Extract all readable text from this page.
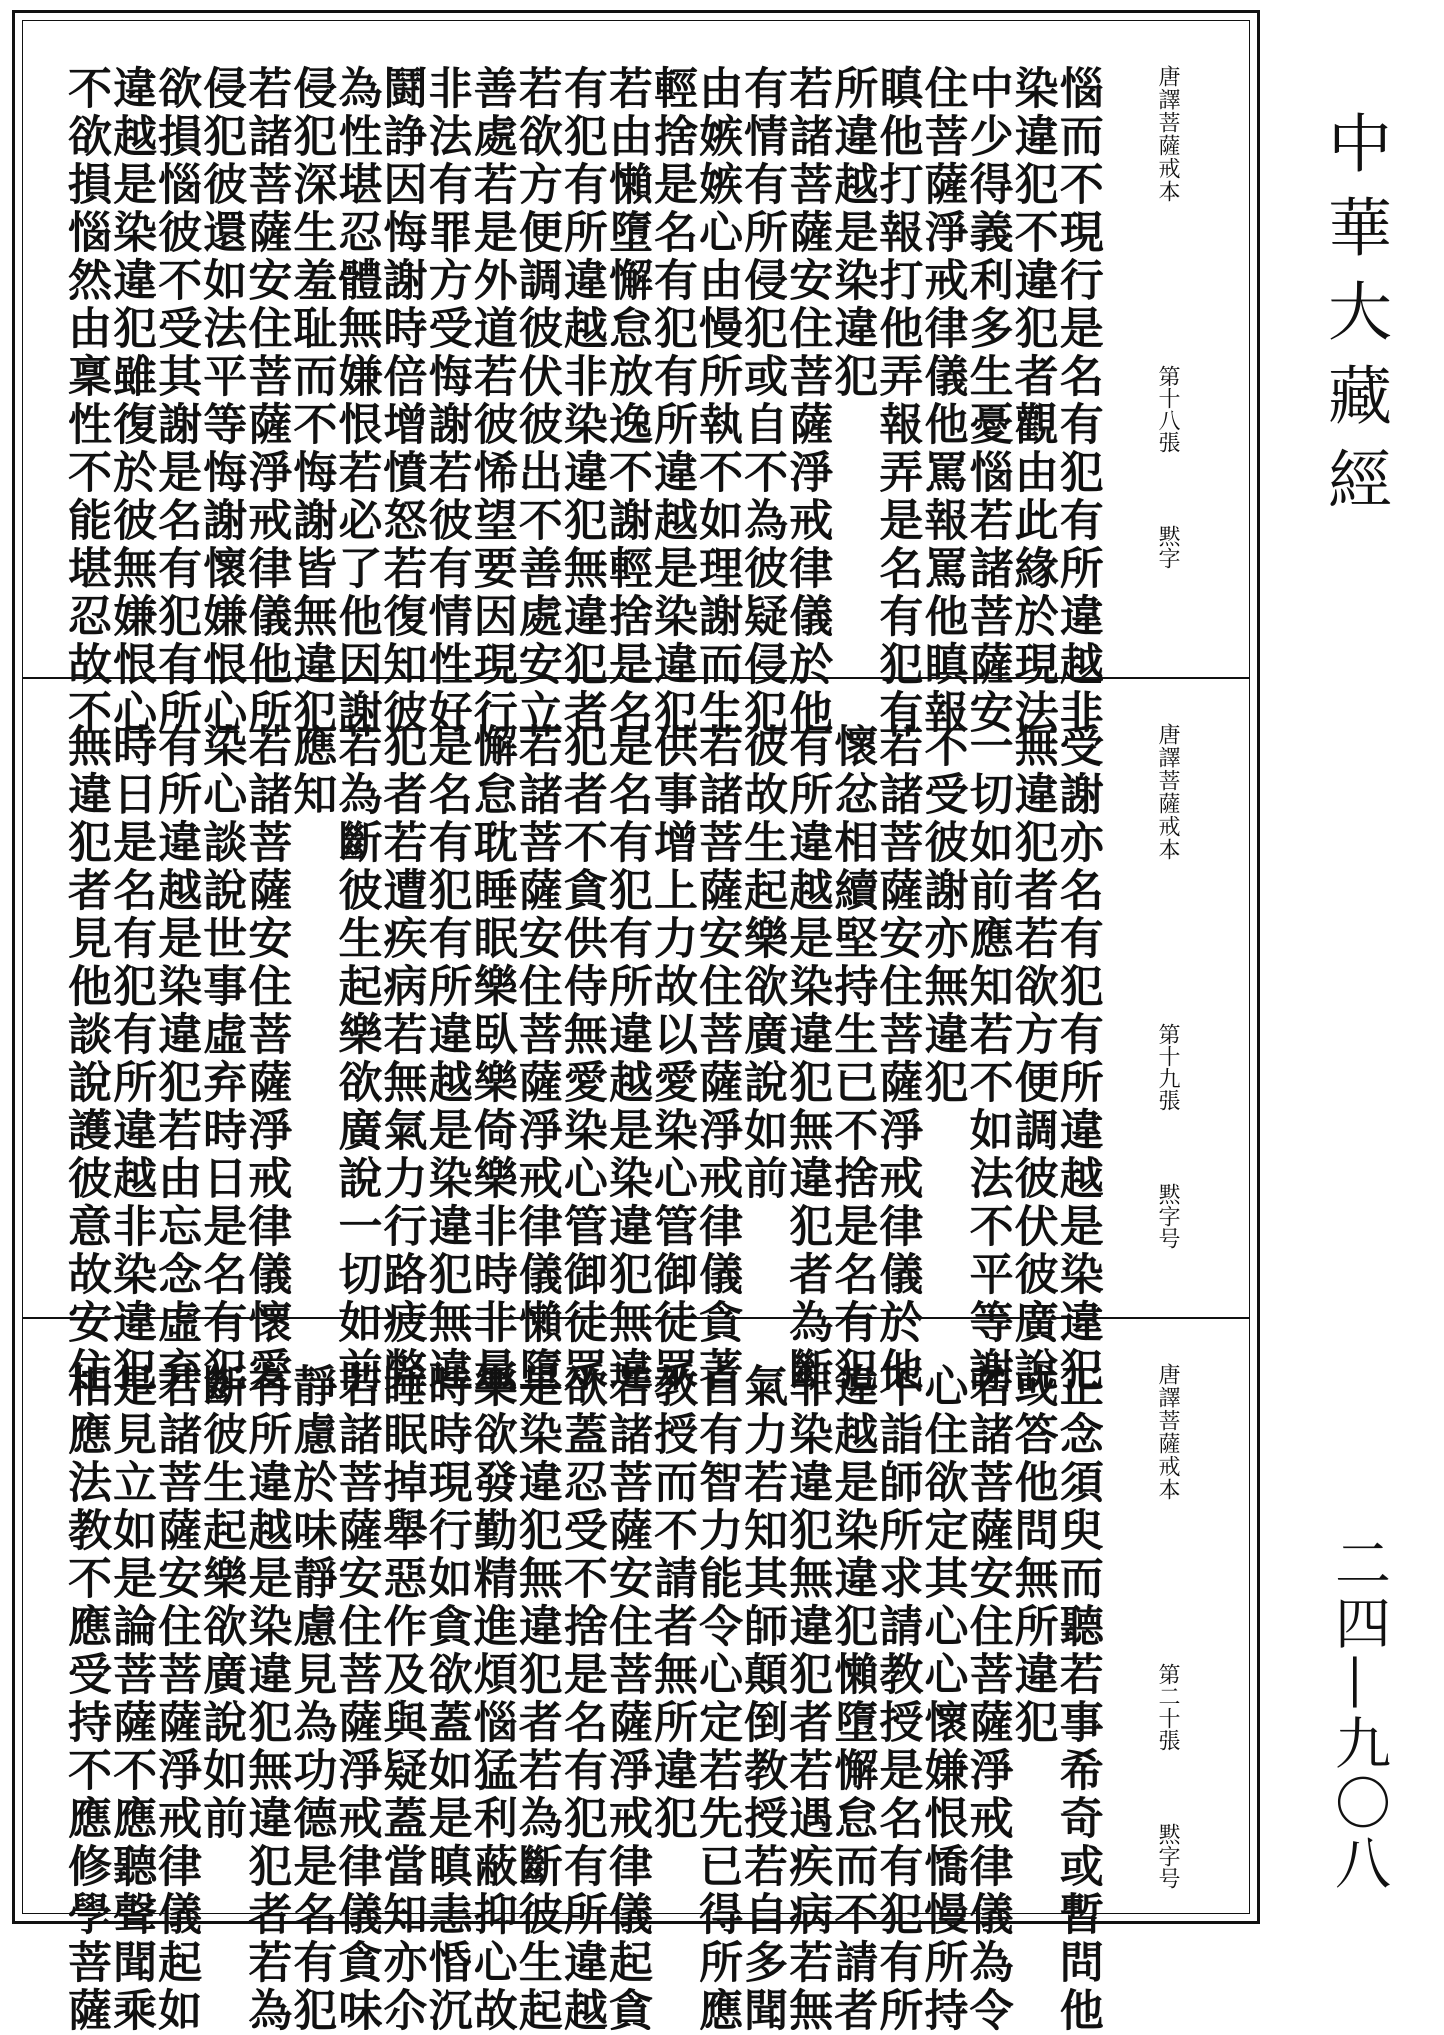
惱而不現行是名有犯有所違越非
染違犯不違犯者觀由此緣於現法
中少得義利多生憂惱若諸菩薩安
住菩薩淨戒律儀他罵報罵他瞋報
瞋他打報打他弄報弄是名有犯有
所違越是染違犯
若諸菩薩安住菩薩淨戒律儀於他
有情有所侵犯或自不為彼疑侵犯
由嫉嫉心由慢所執不如理謝而生
輕捨是名有犯有所違越是染違犯
若由懶墮懈怠放逸不謝輕捨是名
有犯有所違越非染違犯無違犯者
若欲方便調彼伏彼出不善處安立
善處若是外道若彼悕望要因現行
非法有罪方受悔謝若彼有情性好
鬪諍因悔謝時倍增憤怒若復知彼
為性堪忍體無嫌恨若必了他因謝
侵犯深生羞耻而不悔謝皆無違犯
若諸菩薩安住菩薩淨戒律儀他所
侵犯彼還如法平等悔謝懷嫌恨心
欲損惱彼不受其謝是名有犯有所
違越是染違犯雖復於彼無嫌恨心
不欲損惱然由稟性不能堪忍故不	唐譯菩薩戒本
第十八張
黙字
受謝亦名有犯有所違越是染違犯
無違犯者若欲方便調彼伏彼廣說
一切如前應知若不如法不平等謝
不受彼謝亦無違犯
若諸菩薩安住菩薩淨戒律儀於他
懷忿相續堅持生已不捨是名有犯
有所違越是染違犯無違犯者為斷
彼故生起樂欲廣說如前
若諸菩薩安住菩薩淨戒律儀貪著
供事增上力故以愛染心管御徒眾
是名有犯有所違越是染違犯無違
犯者不貪供侍無愛染心管御徒眾
若諸菩薩安住菩薩淨戒律儀懶墮
懈怠耽睡眠樂臥樂倚樂非時非量
是名有犯有所違越是染違犯無違
犯者若遭疾病若無氣力行路疲弊
若為斷彼生起樂欲廣說一切如前
應知
若諸菩薩安住菩薩淨戒律儀懷愛
染心談說世事虛弃時日是名有犯
有所違越是染違犯若由忘念虛弃
時日是名有犯有所違越非染違犯
無違犯者見他談說護彼意故安住	唐譯菩薩戒本
第十九張
黙字号
正念須臾而聽若事希奇或暫問他
或答他問無所違犯
若諸菩薩安住菩薩淨戒律儀為令
心住欲定其心心懷嫌恨憍慢所持
不詣師所求請教授是名有犯有所
違越是染違犯懶墮懈怠而不請者
非染違犯無違犯者若遇疾病若無
氣力若知其師顛倒教授若自多聞
自有智力能令心定若先已得所應
教授而不請者無所違犯
若諸菩薩安住菩薩淨戒律儀起貪
欲蓋忍受不捨是名有犯有所違越
是染違犯無違犯者若為斷彼生起
樂欲發勤精進煩惱猛利蔽抑心故
時時現行如貪欲蓋如是瞋恚惛沉
睡眠掉舉惡作及與疑蓋當知亦尒
若諸菩薩安住菩薩淨戒律儀貪味
靜慮於味靜慮見為功德是名有犯
有所違越是染違犯無違犯者若為
斷彼生起樂欲廣說如前
若諸菩薩安住菩薩淨戒律儀起如
是見立如是論菩薩不應聽聲聞乘
相應法教不應受持不應修學菩薩	唐譯菩薩戒本
第二十張
黙字号
中華大藏經
二四—九〇八
